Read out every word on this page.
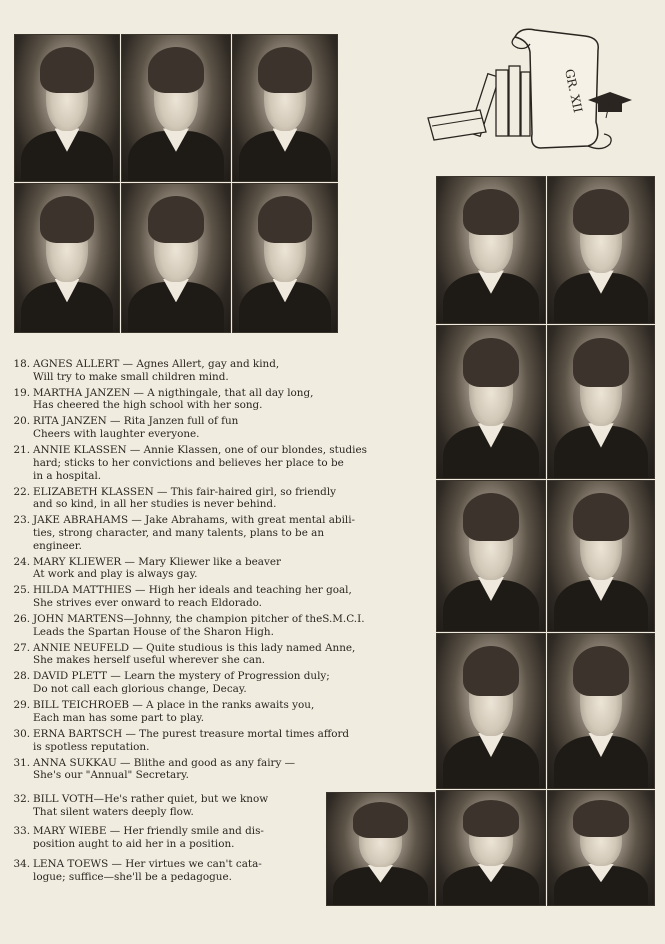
GR. XII
18. AGNES ALLERT — Agnes Allert, gay and kind,
Will try to make small children mind.
19. MARTHA JANZEN — A nigthingale, that all day long,
Has cheered the high school with her song.
20. RITA JANZEN — Rita Janzen full of fun
Cheers with laughter everyone.
21. ANNIE KLASSEN — Annie Klassen, one of our blondes, studies
hard; sticks to her convictions and believes her place to be
in a hospital.
22. ELIZABETH KLASSEN — This fair-haired girl, so friendly
and so kind, in all her studies is never behind.
23. JAKE ABRAHAMS — Jake Abrahams, with great mental abili-
ties, strong character, and many talents, plans to be an
engineer.
24. MARY KLIEWER — Mary Kliewer like a beaver
At work and play is always gay.
25. HILDA MATTHIES — High her ideals and teaching her goal,
She strives ever onward to reach Eldorado.
26. JOHN MARTENS—Johnny, the champion pitcher of theS.M.C.I.
Leads the Spartan House of the Sharon High.
27. ANNIE NEUFELD — Quite studious is this lady named Anne,
She makes herself useful wherever she can.
28. DAVID PLETT — Learn the mystery of Progression duly;
Do not call each glorious change, Decay.
29. BILL TEICHROEB — A place in the ranks awaits you,
Each man has some part to play.
30. ERNA BARTSCH — The purest treasure mortal times afford
is spotless reputation.
31. ANNA SUKKAU — Blithe and good as any fairy —
She's our "Annual" Secretary.
32. BILL VOTH—He's rather quiet, but we know
That silent waters deeply flow.
33. MARY WIEBE — Her friendly smile and dis-
position aught to aid her in a position.
34. LENA TOEWS — Her virtues we can't cata-
logue; suffice—she'll be a pedagogue.
